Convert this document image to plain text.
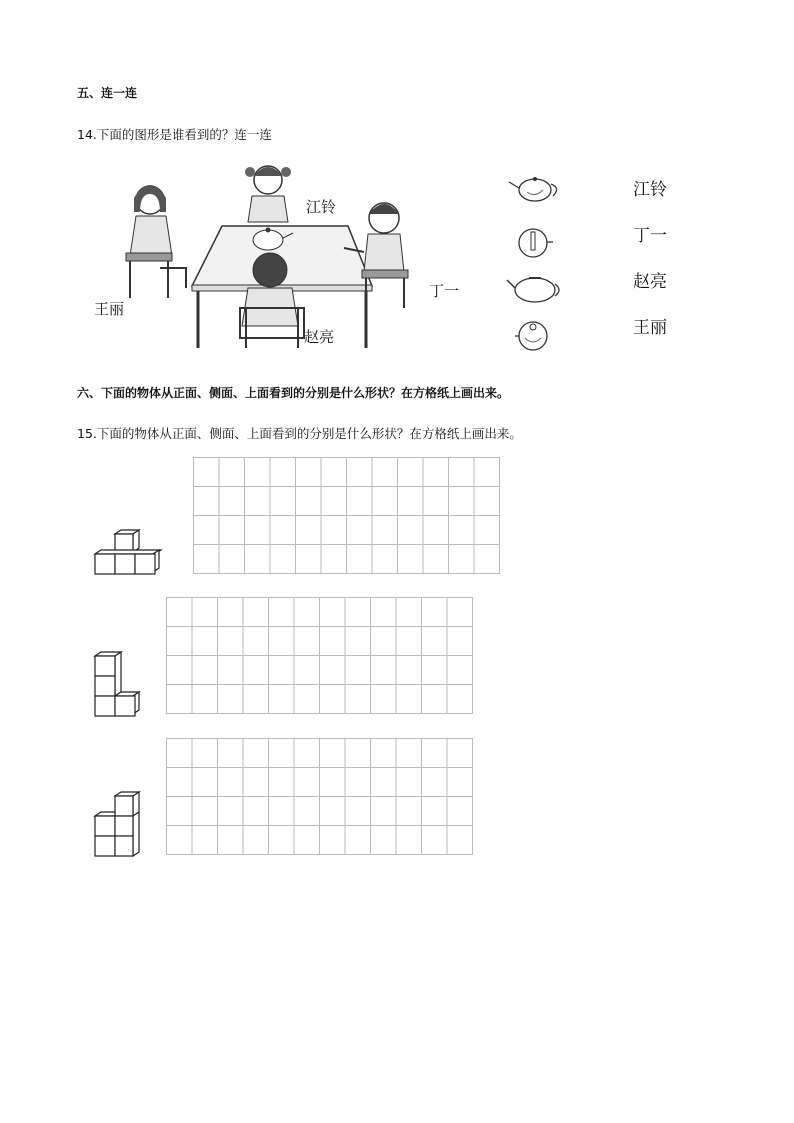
五、连一连
14.下面的图形是谁看到的？连一连
江铃
丁一
赵亮
王丽
江铃
丁一
赵亮
王丽
六、下面的物体从正面、侧面、上面看到的分别是什么形状？在方格纸上画出来。
15.下面的物体从正面、侧面、上面看到的分别是什么形状？在方格纸上画出来。
